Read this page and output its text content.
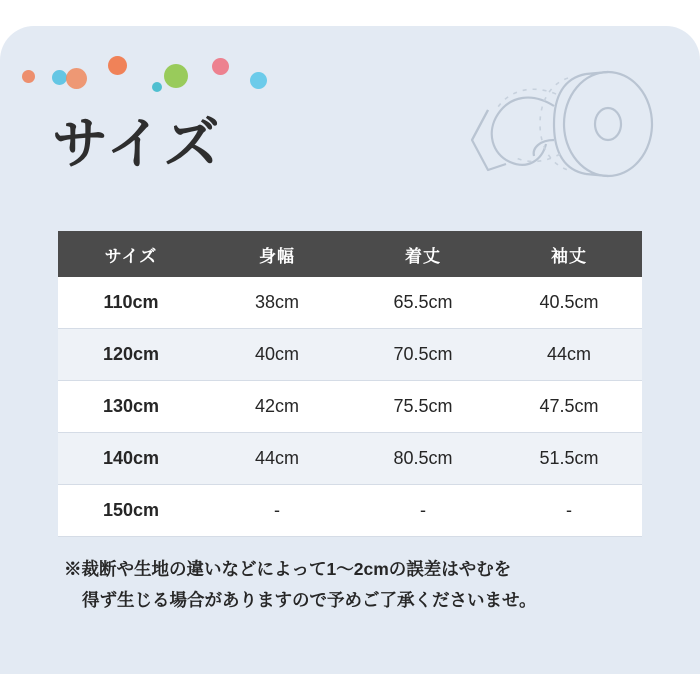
サイズ
サイズ	身幅	着丈	袖丈
110cm	38cm	65.5cm	40.5cm
120cm	40cm	70.5cm	44cm
130cm	42cm	75.5cm	47.5cm
140cm	44cm	80.5cm	51.5cm
150cm	-	-	-
※裁断や生地の違いなどによって1〜2cmの誤差はやむを
得ず生じる場合がありますので予めご了承くださいませ。
